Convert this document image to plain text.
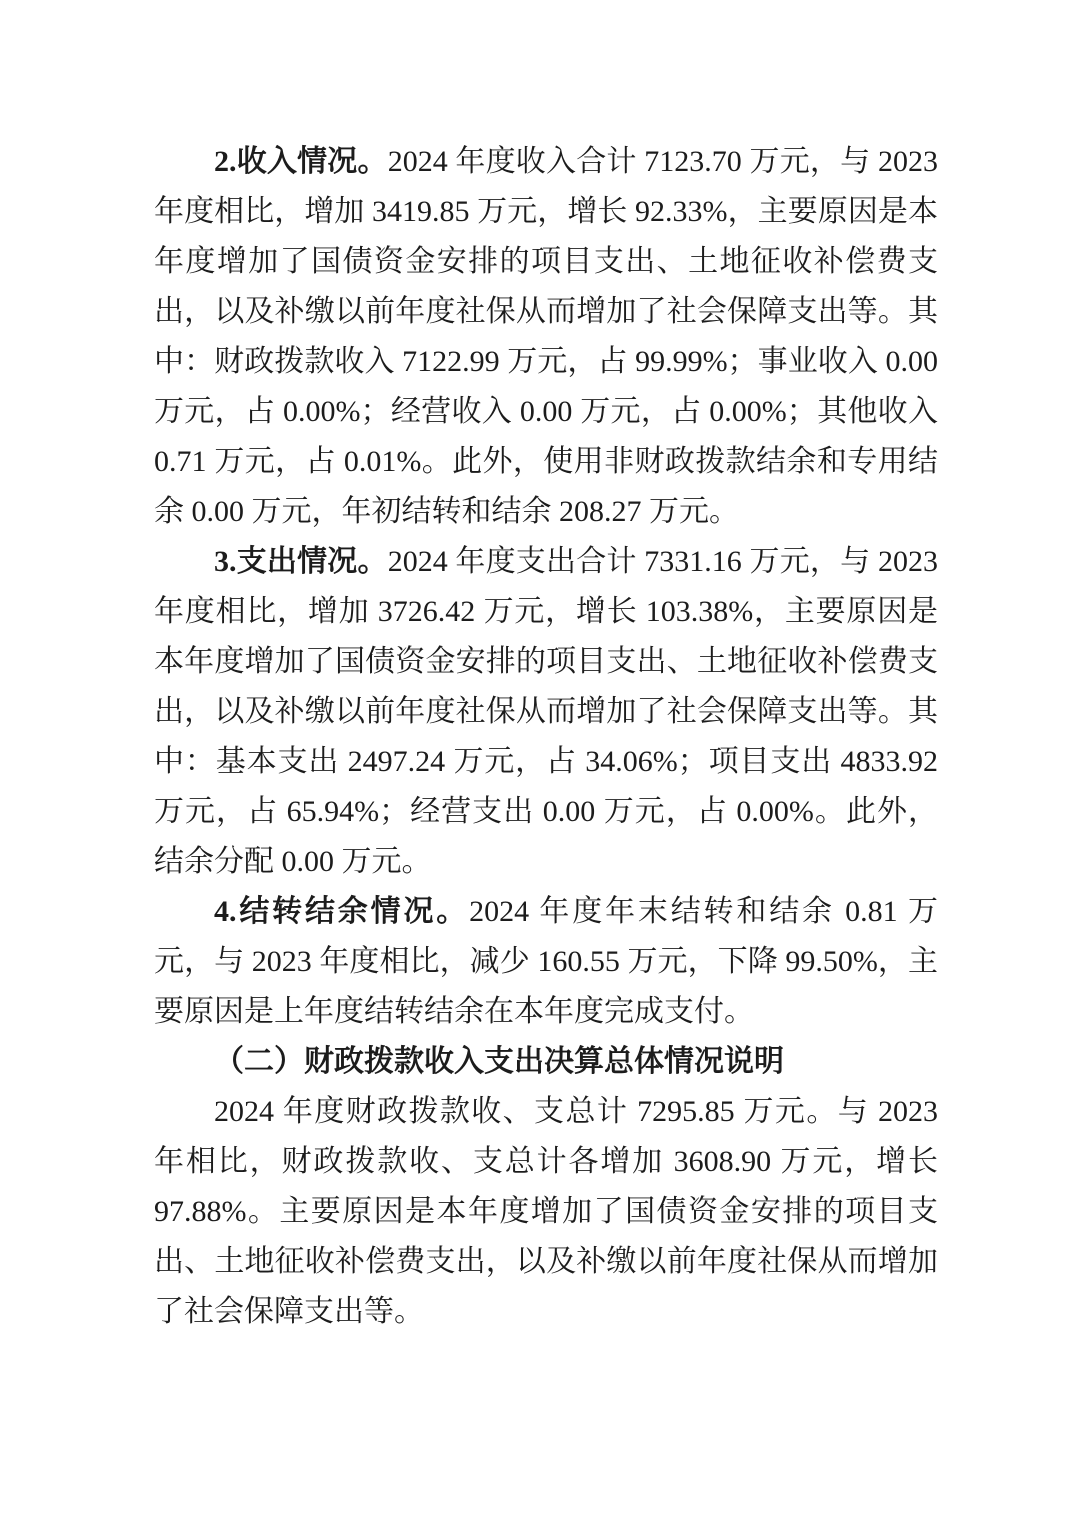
2.收入情况。2024 年度收入合计 7123.70 万元，与 2023 年度相比，增加 3419.85 万元，增长 92.33%，主要原因是本年度增加了国债资金安排的项目支出、土地征收补偿费支出，以及补缴以前年度社保从而增加了社会保障支出等。其中：财政拨款收入 7122.99 万元，占 99.99%；事业收入 0.00 万元，占 0.00%；经营收入 0.00 万元，占 0.00%；其他收入 0.71 万元，占 0.01%。此外，使用非财政拨款结余和专用结余 0.00 万元，年初结转和结余 208.27 万元。

3.支出情况。2024 年度支出合计 7331.16 万元，与 2023 年度相比，增加 3726.42 万元，增长 103.38%，主要原因是本年度增加了国债资金安排的项目支出、土地征收补偿费支出，以及补缴以前年度社保从而增加了社会保障支出等。其中：基本支出 2497.24 万元，占 34.06%；项目支出 4833.92 万元，占 65.94%；经营支出 0.00 万元，占 0.00%。此外，结余分配 0.00 万元。

4.结转结余情况。2024 年度年末结转和结余 0.81 万元，与 2023 年度相比，减少 160.55 万元，下降 99.50%，主要原因是上年度结转结余在本年度完成支付。

（二）财政拨款收入支出决算总体情况说明

2024 年度财政拨款收、支总计 7295.85 万元。与 2023 年相比，财政拨款收、支总计各增加 3608.90 万元，增长 97.88%。主要原因是本年度增加了国债资金安排的项目支出、土地征收补偿费支出，以及补缴以前年度社保从而增加了社会保障支出等。
